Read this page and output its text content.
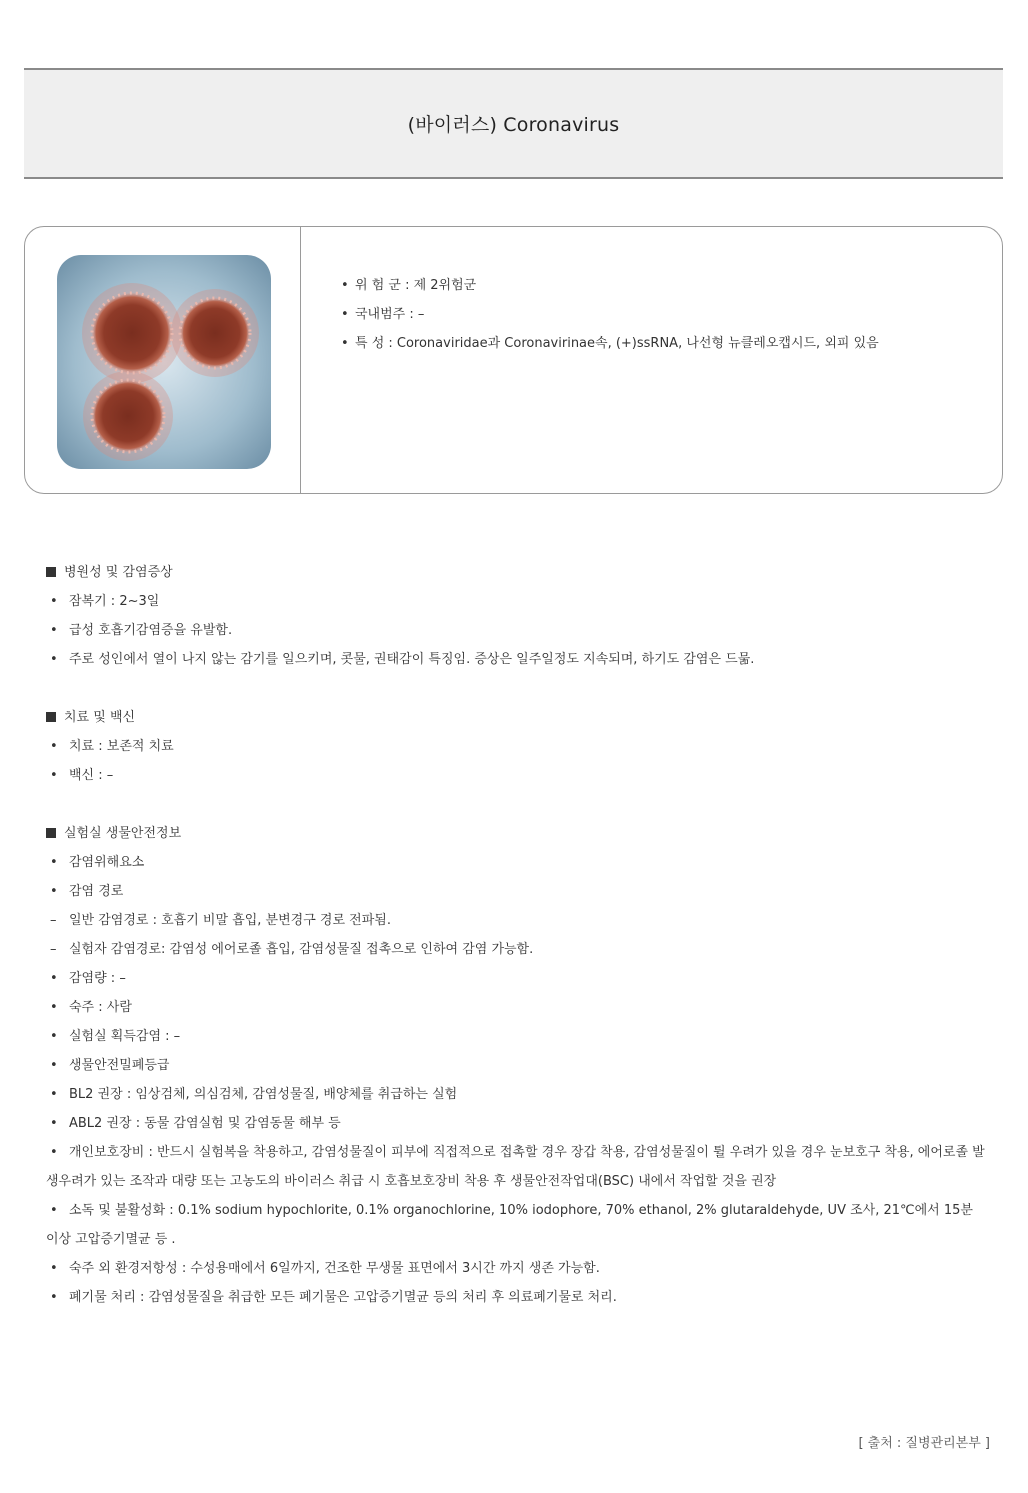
(바이러스) Coronavirus
• 위 험 군 : 제 2위험군
• 국내범주 : –
• 특 성 : Coronaviridae과 Coronavirinae속, (+)ssRNA, 나선형 뉴클레오캡시드, 외피 있음
병원성 및 감염증상
• 잠복기 : 2~3일
• 급성 호흡기감염증을 유발함.
• 주로 성인에서 열이 나지 않는 감기를 일으키며, 콧물, 권태감이 특징임. 증상은 일주일정도 지속되며, 하기도 감염은 드묾.
치료 및 백신
• 치료 : 보존적 치료
• 백신 : –
실험실 생물안전정보
• 감염위해요소
• 감염 경로
– 일반 감염경로 : 호흡기 비말 흡입, 분변경구 경로 전파됨.
– 실험자 감염경로: 감염성 에어로졸 흡입, 감염성물질 접촉으로 인하여 감염 가능함.
• 감염량 : –
• 숙주 : 사람
• 실험실 획득감염 : –
• 생물안전밀폐등급
• BL2 권장 : 임상검체, 의심검체, 감염성물질, 배양체를 취급하는 실험
• ABL2 권장 : 동물 감염실험 및 감염동물 해부 등
• 개인보호장비 : 반드시 실험복을 착용하고, 감염성물질이 피부에 직접적으로 접촉할 경우 장갑 착용, 감염성물질이 튈 우려가 있을 경우 눈보호구 착용, 에어로졸 발생우려가 있는 조작과 대량 또는 고농도의 바이러스 취급 시 호흡보호장비 착용 후 생물안전작업대(BSC) 내에서 작업할 것을 권장
• 소독 및 불활성화 : 0.1% sodium hypochlorite, 0.1% organochlorine, 10% iodophore, 70% ethanol, 2% glutaraldehyde, UV 조사, 21℃에서 15분 이상 고압증기멸균 등 .
• 숙주 외 환경저항성 : 수성용매에서 6일까지, 건조한 무생물 표면에서 3시간 까지 생존 가능함.
• 폐기물 처리 : 감염성물질을 취급한 모든 폐기물은 고압증기멸균 등의 처리 후 의료폐기물로 처리.
[ 출처 : 질병관리본부 ]
